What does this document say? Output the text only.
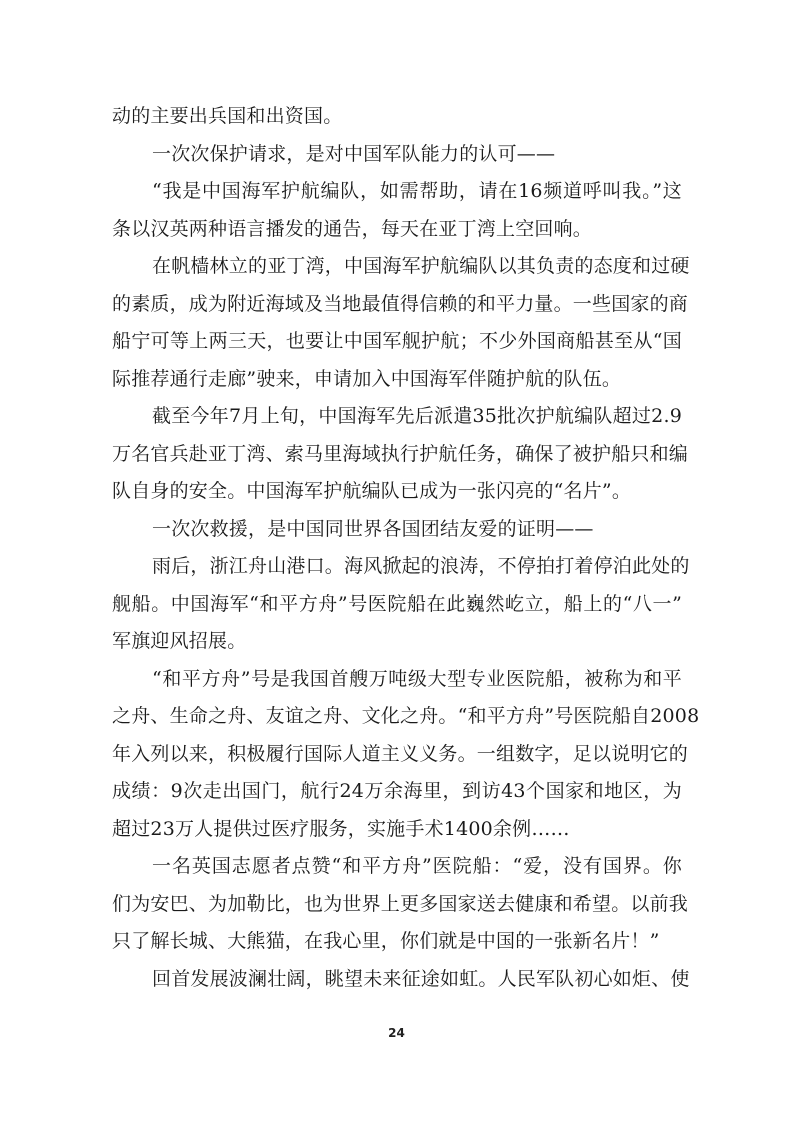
动的主要出兵国和出资国。
一次次保护请求，是对中国军队能力的认可——
“我是中国海军护航编队，如需帮助，请在16频道呼叫我。”这
条以汉英两种语言播发的通告，每天在亚丁湾上空回响。
在帆樯林立的亚丁湾，中国海军护航编队以其负责的态度和过硬
的素质，成为附近海域及当地最值得信赖的和平力量。一些国家的商
船宁可等上两三天，也要让中国军舰护航；不少外国商船甚至从“国
际推荐通行走廊”驶来，申请加入中国海军伴随护航的队伍。
截至今年7月上旬，中国海军先后派遣35批次护航编队超过2.9
万名官兵赴亚丁湾、索马里海域执行护航任务，确保了被护船只和编
队自身的安全。中国海军护航编队已成为一张闪亮的“名片”。
一次次救援，是中国同世界各国团结友爱的证明——
雨后，浙江舟山港口。海风掀起的浪涛，不停拍打着停泊此处的
舰船。中国海军“和平方舟”号医院船在此巍然屹立，船上的“八一”
军旗迎风招展。
“和平方舟”号是我国首艘万吨级大型专业医院船，被称为和平
之舟、生命之舟、友谊之舟、文化之舟。“和平方舟”号医院船自2008
年入列以来，积极履行国际人道主义义务。一组数字，足以说明它的
成绩：9次走出国门，航行24万余海里，到访43个国家和地区，为
超过23万人提供过医疗服务，实施手术1400余例……
一名英国志愿者点赞“和平方舟”医院船：“爱，没有国界。你
们为安巴、为加勒比，也为世界上更多国家送去健康和希望。以前我
只了解长城、大熊猫，在我心里，你们就是中国的一张新名片！”
回首发展波澜壮阔，眺望未来征途如虹。人民军队初心如炬、使
24
